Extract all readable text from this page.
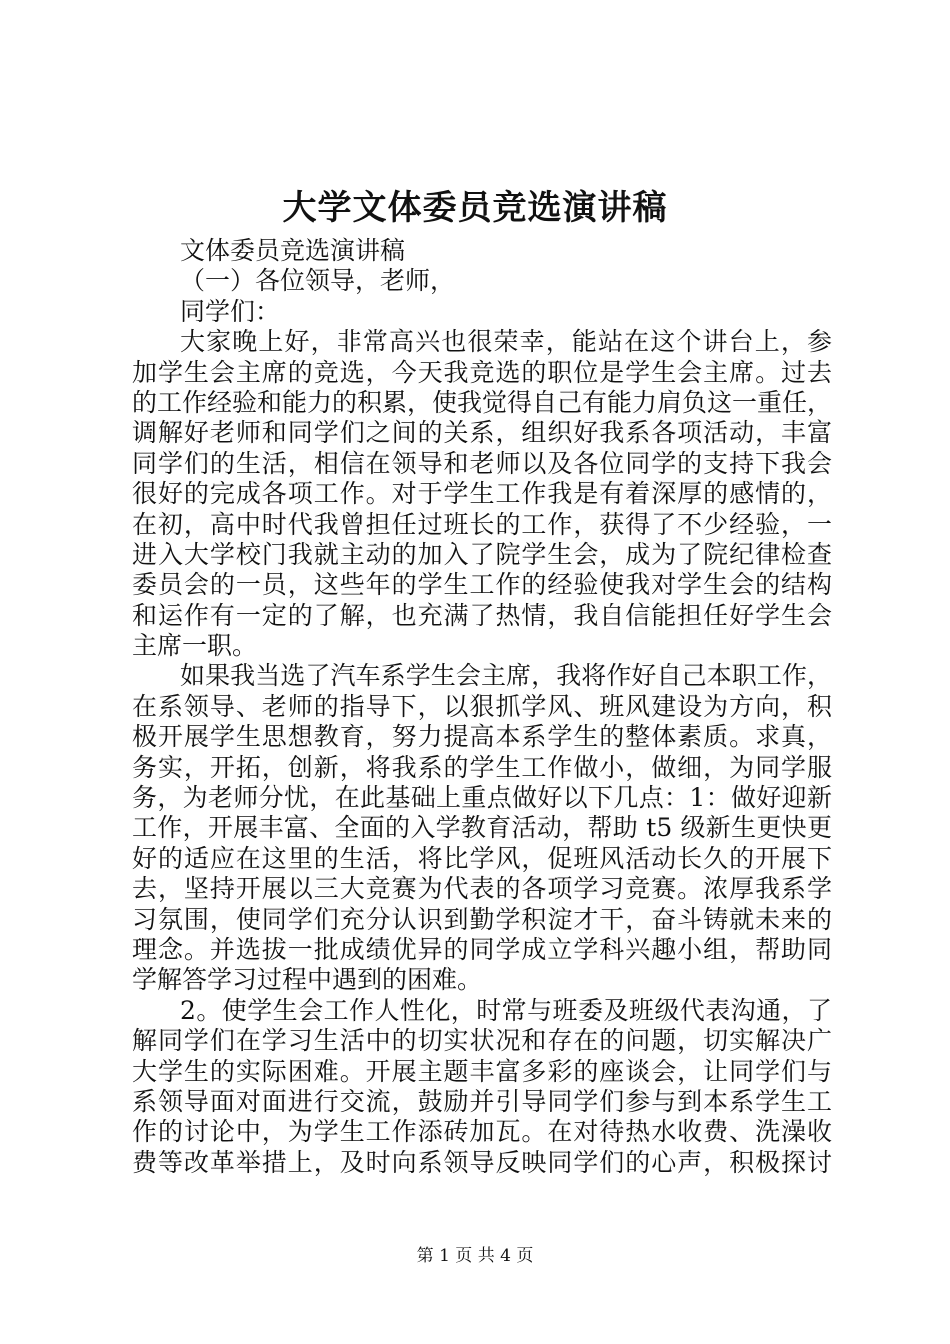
大学文体委员竞选演讲稿
文体委员竞选演讲稿
（一）各位领导，老师，
同学们：
大家晚上好，非常高兴也很荣幸，能站在这个讲台上，参
加学生会主席的竞选，今天我竞选的职位是学生会主席。过去
的工作经验和能力的积累，使我觉得自己有能力肩负这一重任，
调解好老师和同学们之间的关系，组织好我系各项活动，丰富
同学们的生活，相信在领导和老师以及各位同学的支持下我会
很好的完成各项工作。对于学生工作我是有着深厚的感情的，
在初，高中时代我曾担任过班长的工作，获得了不少经验，一
进入大学校门我就主动的加入了院学生会，成为了院纪律检查
委员会的一员，这些年的学生工作的经验使我对学生会的结构
和运作有一定的了解，也充满了热情，我自信能担任好学生会
主席一职。
如果我当选了汽车系学生会主席，我将作好自己本职工作，
在系领导、老师的指导下，以狠抓学风、班风建设为方向，积
极开展学生思想教育，努力提高本系学生的整体素质。求真，
务实，开拓，创新，将我系的学生工作做小，做细，为同学服
务，为老师分忧，在此基础上重点做好以下几点：1：做好迎新
工作，开展丰富、全面的入学教育活动，帮助 t5 级新生更快更
好的适应在这里的生活，将比学风，促班风活动长久的开展下
去，坚持开展以三大竞赛为代表的各项学习竞赛。浓厚我系学
习氛围，使同学们充分认识到勤学积淀才干，奋斗铸就未来的
理念。并选拔一批成绩优异的同学成立学科兴趣小组，帮助同
学解答学习过程中遇到的困难。
2。使学生会工作人性化，时常与班委及班级代表沟通，了
解同学们在学习生活中的切实状况和存在的问题，切实解决广
大学生的实际困难。开展主题丰富多彩的座谈会，让同学们与
系领导面对面进行交流，鼓励并引导同学们参与到本系学生工
作的讨论中，为学生工作添砖加瓦。在对待热水收费、洗澡收
费等改革举措上，及时向系领导反映同学们的心声，积极探讨
第 1 页 共 4 页
